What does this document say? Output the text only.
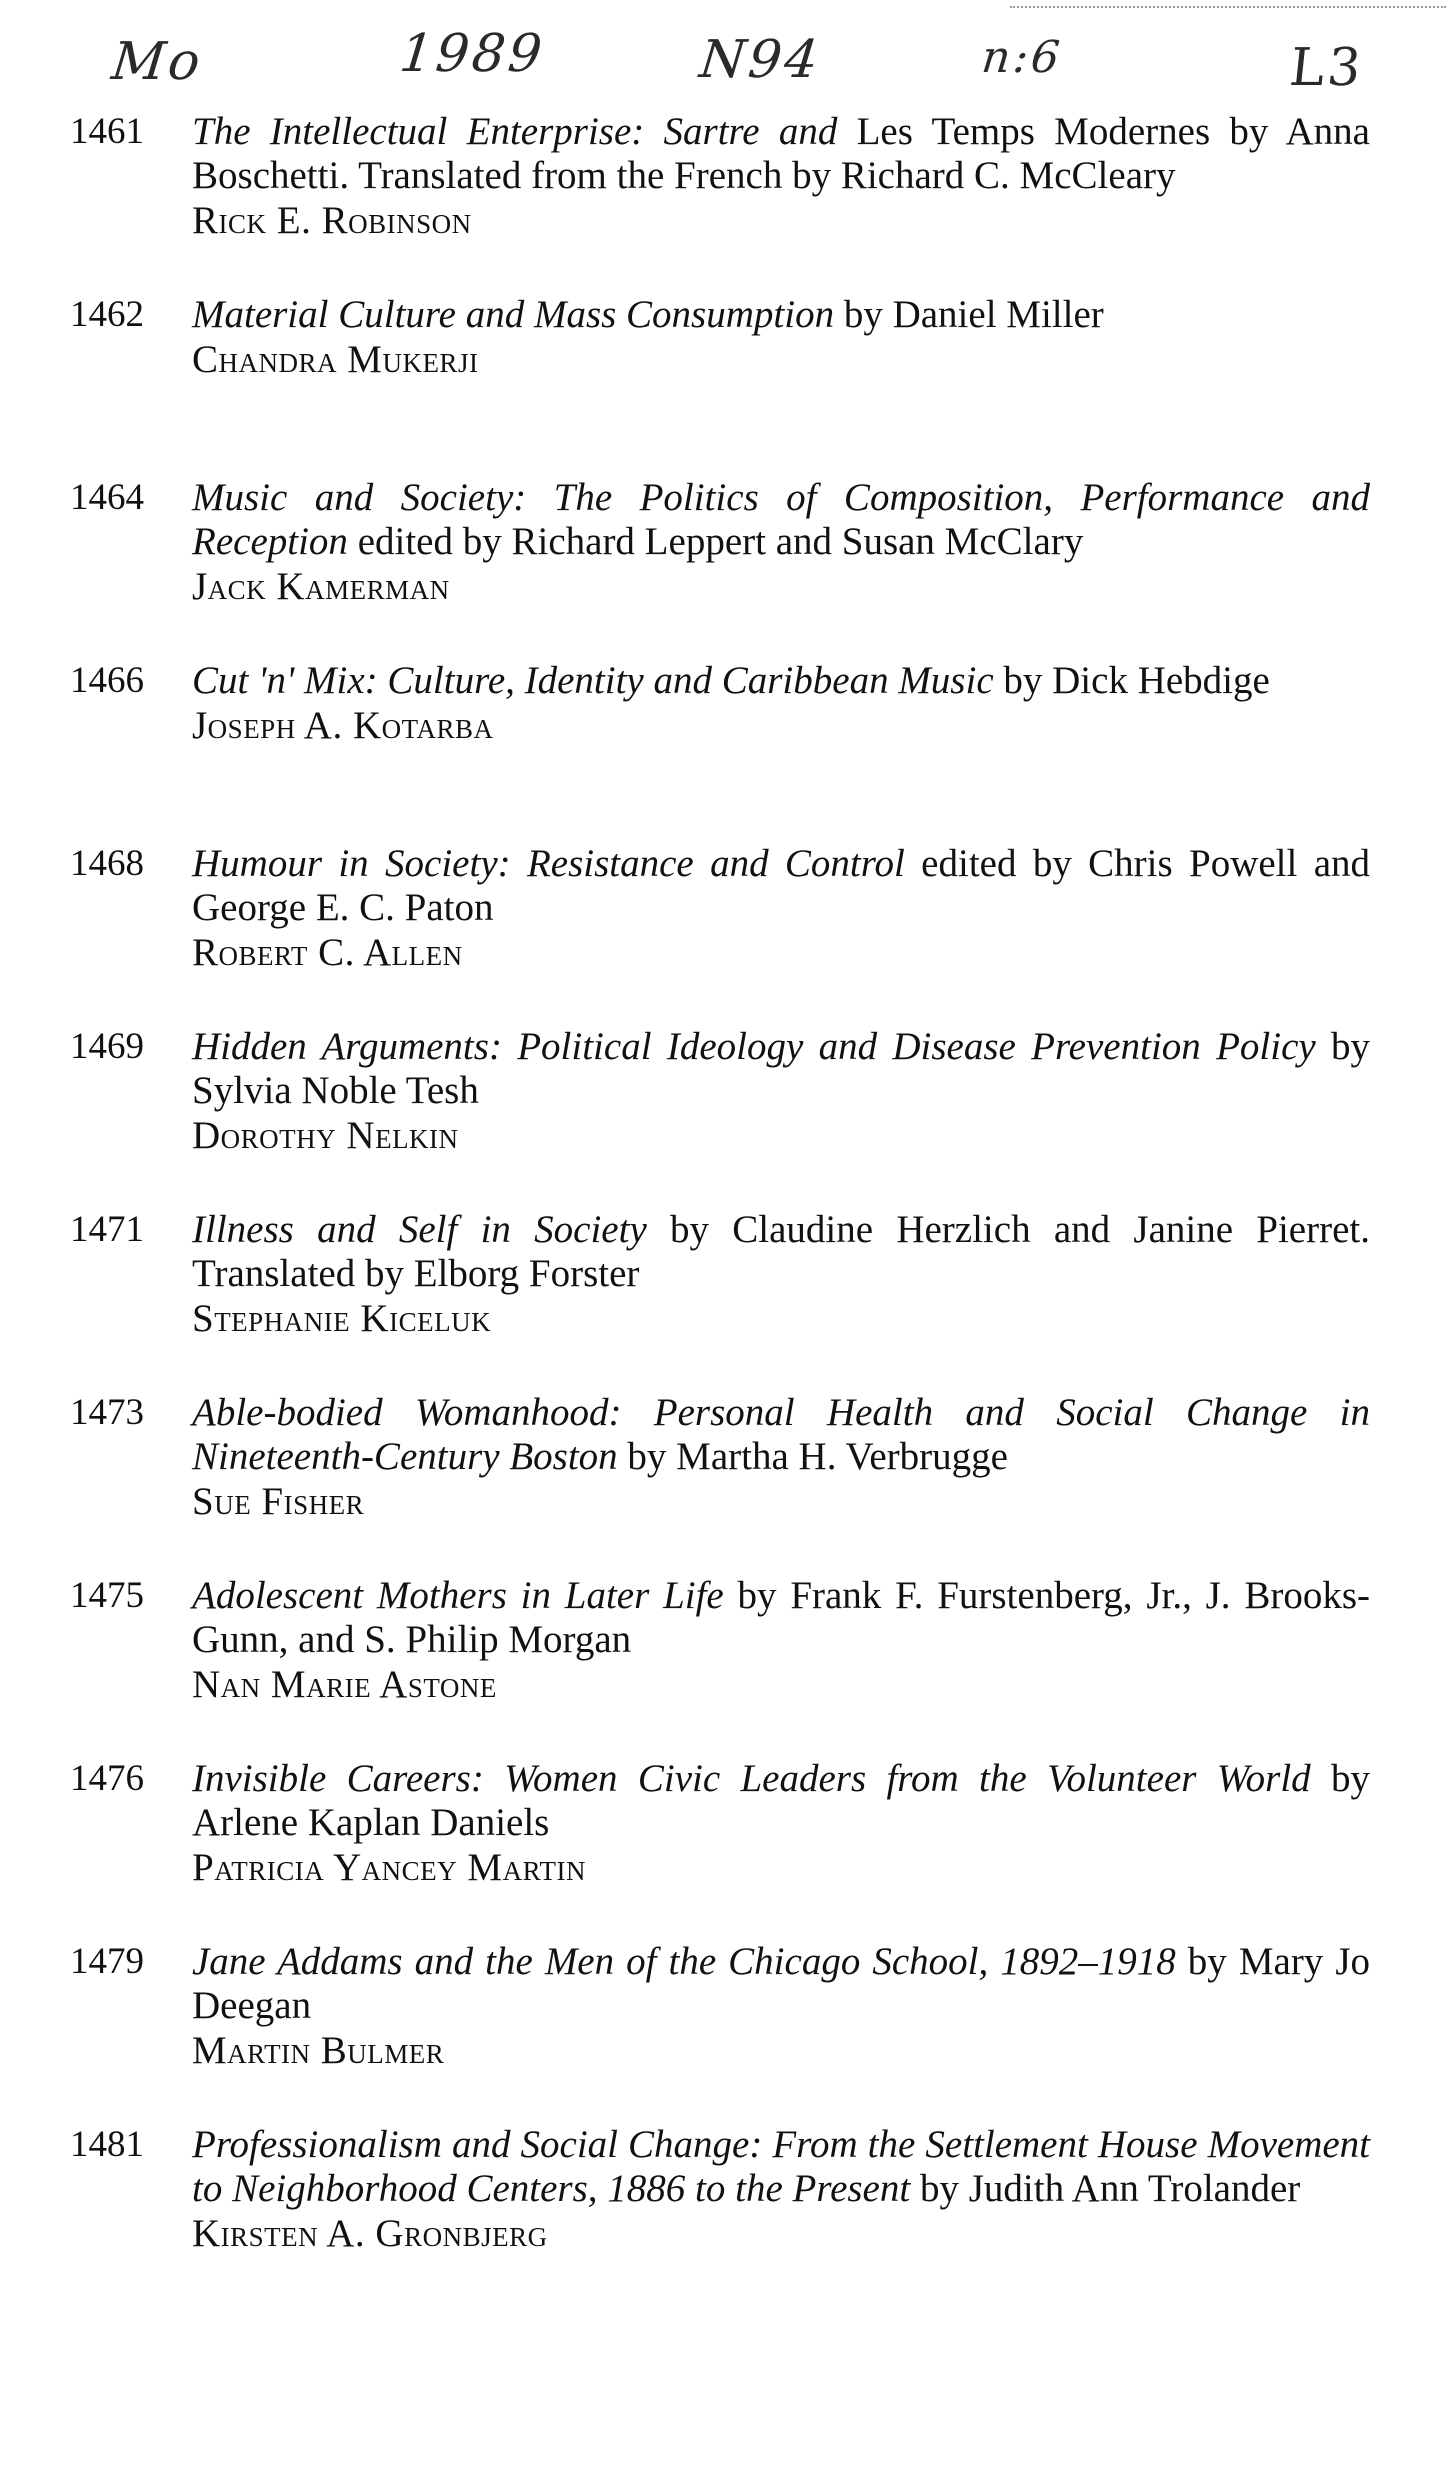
Mo	1989	N94	n:6	L3
1461	The Intellectual Enterprise: Sartre and Les Temps Modernes by Anna Boschetti. Translated from the French by Richard C. McCleary
Rick E. Robinson
1462	Material Culture and Mass Consumption by Daniel Miller
Chandra Mukerji
1464	Music and Society: The Politics of Composition, Performance and Reception edited by Richard Leppert and Susan McClary
Jack Kamerman
1466	Cut 'n' Mix: Culture, Identity and Caribbean Music by Dick Hebdige
Joseph A. Kotarba
1468	Humour in Society: Resistance and Control edited by Chris Powell and George E. C. Paton
Robert C. Allen
1469	Hidden Arguments: Political Ideology and Disease Prevention Policy by Sylvia Noble Tesh
Dorothy Nelkin
1471	Illness and Self in Society by Claudine Herzlich and Janine Pierret. Translated by Elborg Forster
Stephanie Kiceluk
1473	Able-bodied Womanhood: Personal Health and Social Change in Nineteenth-Century Boston by Martha H. Verbrugge
Sue Fisher
1475	Adolescent Mothers in Later Life by Frank F. Furstenberg, Jr., J. Brooks-Gunn, and S. Philip Morgan
Nan Marie Astone
1476	Invisible Careers: Women Civic Leaders from the Volunteer World by Arlene Kaplan Daniels
Patricia Yancey Martin
1479	Jane Addams and the Men of the Chicago School, 1892–1918 by Mary Jo Deegan
Martin Bulmer
1481	Professionalism and Social Change: From the Settlement House Movement to Neighborhood Centers, 1886 to the Present by Judith Ann Trolander
Kirsten A. Gronbjerg
